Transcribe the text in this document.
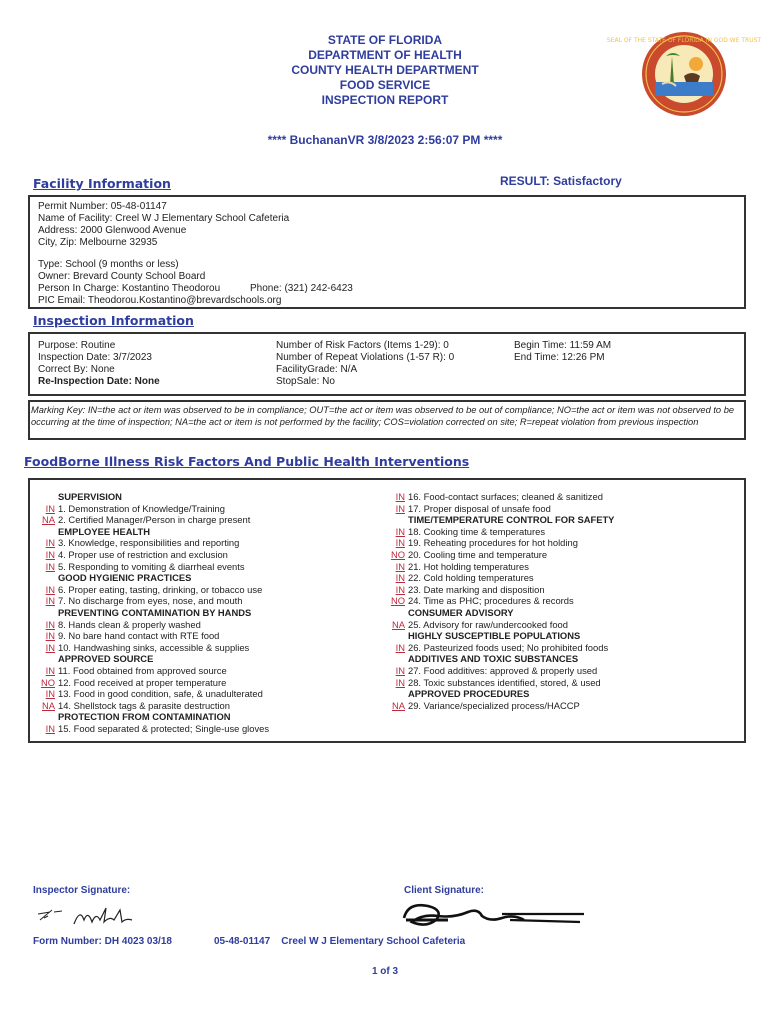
STATE OF FLORIDA
DEPARTMENT OF HEALTH
COUNTY HEALTH DEPARTMENT
FOOD SERVICE
INSPECTION REPORT
**** BuchananVR 3/8/2023 2:56:07 PM ****
SEAL OF THE STATE OF FLORIDA IN GOD WE TRUST
Facility Information	RESULT: Satisfactory
Permit Number: 05-48-01147
Name of Facility: Creel W J Elementary School Cafeteria
Address: 2000 Glenwood Avenue
City, Zip: Melbourne 32935
Type: School (9 months or less)
Owner: Brevard County School Board
Person In Charge: Kostantino Theodorou	Phone: (321) 242-6423
PIC Email: Theodorou.Kostantino@brevardschools.org
Inspection Information
Purpose: Routine
Inspection Date: 3/7/2023
Correct By: None
Re-Inspection Date: None
Number of Risk Factors (Items 1-29): 0
Number of Repeat Violations (1-57 R): 0
FacilityGrade: N/A
StopSale: No
Begin Time: 11:59 AM
End Time: 12:26 PM
Marking Key: IN=the act or item was observed to be in compliance; OUT=the act or item was observed to be out of compliance; NO=the act or item was not observed to be occurring at the time of inspection; NA=the act or item is not performed by the facility; COS=violation corrected on site; R=repeat violation from previous inspection
FoodBorne Illness Risk Factors And Public Health Interventions
SUPERVISION
IN 1. Demonstration of Knowledge/Training
NA 2. Certified Manager/Person in charge present
EMPLOYEE HEALTH
IN 3. Knowledge, responsibilities and reporting
IN 4. Proper use of restriction and exclusion
IN 5. Responding to vomiting & diarrheal events
GOOD HYGIENIC PRACTICES
IN 6. Proper eating, tasting, drinking, or tobacco use
IN 7. No discharge from eyes, nose, and mouth
PREVENTING CONTAMINATION BY HANDS
IN 8. Hands clean & properly washed
IN 9. No bare hand contact with RTE food
IN 10. Handwashing sinks, accessible & supplies
APPROVED SOURCE
IN 11. Food obtained from approved source
NO 12. Food received at proper temperature
IN 13. Food in good condition, safe, & unadulterated
NA 14. Shellstock tags & parasite destruction
PROTECTION FROM CONTAMINATION
IN 15. Food separated & protected; Single-use gloves
IN 16. Food-contact surfaces; cleaned & sanitized
IN 17. Proper disposal of unsafe food
TIME/TEMPERATURE CONTROL FOR SAFETY
IN 18. Cooking time & temperatures
IN 19. Reheating procedures for hot holding
NO 20. Cooling time and temperature
IN 21. Hot holding temperatures
IN 22. Cold holding temperatures
IN 23. Date marking and disposition
NO 24. Time as PHC; procedures & records
CONSUMER ADVISORY
NA 25. Advisory for raw/undercooked food
HIGHLY SUSCEPTIBLE POPULATIONS
IN 26. Pasteurized foods used; No prohibited foods
ADDITIVES AND TOXIC SUBSTANCES
IN 27. Food additives: approved & properly used
IN 28. Toxic substances identified, stored, & used
APPROVED PROCEDURES
NA 29. Variance/specialized process/HACCP
Inspector Signature:	Client Signature:
Form Number: DH 4023 03/18	05-48-01147    Creel W J Elementary School Cafeteria
1 of 3
